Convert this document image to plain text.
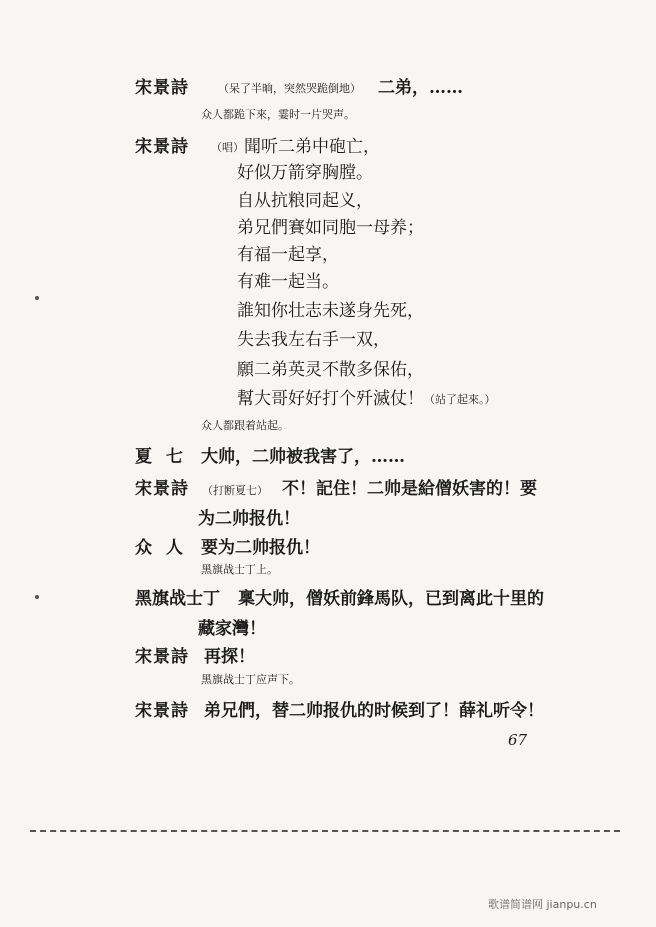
宋景詩	（呆了半晌，突然哭跪倒地） 二弟，……
众人都跪下來，霎时一片哭声。
宋景詩 （唱） 聞听二弟中砲亡，
好似万箭穿胸膛。
自从抗粮同起义，
弟兄們賽如同胞一母养；
有福一起享，
有难一起当。
誰知你壮志未遂身先死，
失去我左右手一双，
願二弟英灵不散多保佑，
幫大哥好好打个歼滅仗！ （站了起來。）
众人都跟着站起。
夏 七 大帅，二帅被我害了，……
宋景詩 （打断夏七） 不！記住！二帅是給僧妖害的！要
为二帅报仇！
众 人 要为二帅报仇！
黑旗战士丁上。
黑旗战士丁 稟大帅，僧妖前鋒馬队，已到离此十里的
藏家灣！
宋景詩 再探！
黑旗战士丁应声下。
宋景詩 弟兄們，替二帅报仇的时候到了！薛礼听令！
67
歌谱简谱网 jianpu.cn
